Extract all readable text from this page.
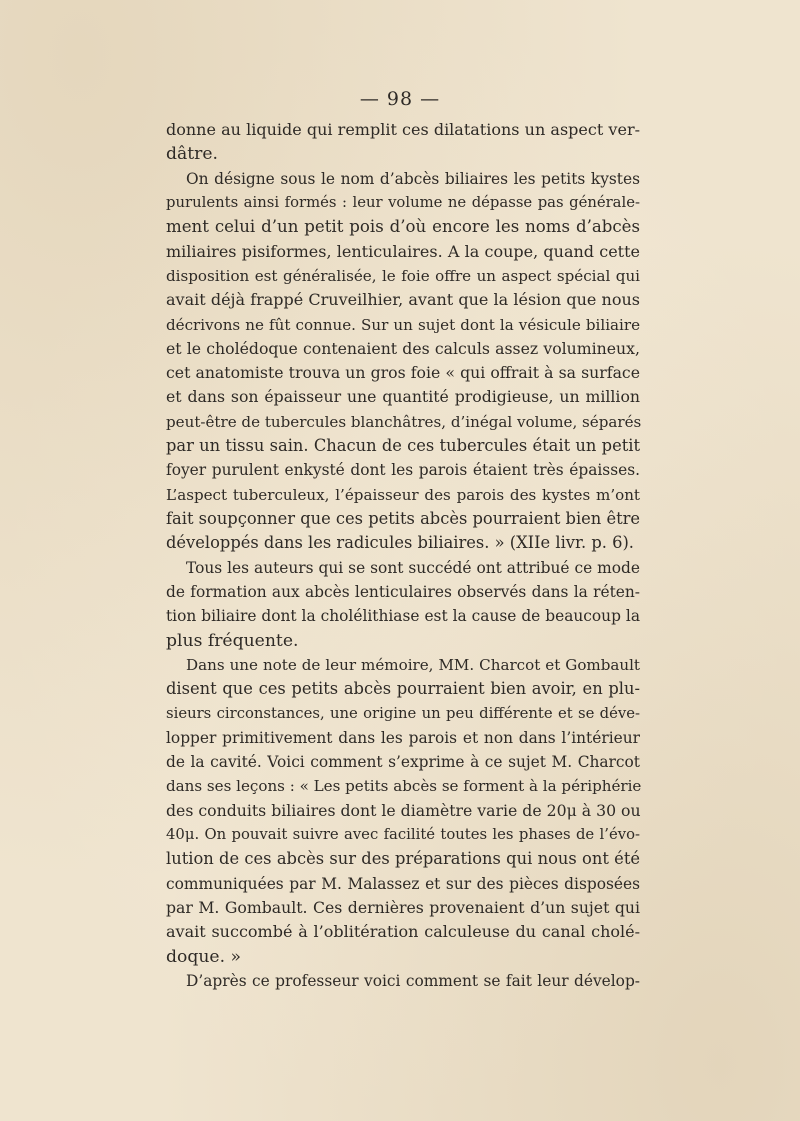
— 98 —
donne au liquide qui remplit ces dilatations un aspect ver-
dâtre.
On désigne sous le nom d’abcès biliaires les petits kystes
purulents ainsi formés : leur volume ne dépasse pas générale-
ment celui d’un petit pois d’où encore les noms d’abcès
miliaires pisiformes, lenticulaires. A la coupe, quand cette
disposition est généralisée, le foie offre un aspect spécial qui
avait déjà frappé Cruveilhier, avant que la lésion que nous
décrivons ne fût connue. Sur un sujet dont la vésicule biliaire
et le cholédoque contenaient des calculs assez volumineux,
cet anatomiste trouva un gros foie « qui offrait à sa surface
et dans son épaisseur une quantité prodigieuse, un million
peut-être de tubercules blanchâtres, d’inégal volume, séparés
par un tissu sain. Chacun de ces tubercules était un petit
foyer purulent enkysté dont les parois étaient très épaisses.
L’aspect tuberculeux, l’épaisseur des parois des kystes m’ont
fait soupçonner que ces petits abcès pourraient bien être
développés dans les radicules biliaires. » (XIIe livr. p. 6).
Tous les auteurs qui se sont succédé ont attribué ce mode
de formation aux abcès lenticulaires observés dans la réten-
tion biliaire dont la cholélithiase est la cause de beaucoup la
plus fréquente.
Dans une note de leur mémoire, MM. Charcot et Gombault
disent que ces petits abcès pourraient bien avoir, en plu-
sieurs circonstances, une origine un peu différente et se déve-
lopper primitivement dans les parois et non dans l’intérieur
de la cavité. Voici comment s’exprime à ce sujet M. Charcot
dans ses leçons : « Les petits abcès se forment à la périphérie
des conduits biliaires dont le diamètre varie de 20μ à 30 ou
40μ. On pouvait suivre avec facilité toutes les phases de l’évo-
lution de ces abcès sur des préparations qui nous ont été
communiquées par M. Malassez et sur des pièces disposées
par M. Gombault. Ces dernières provenaient d’un sujet qui
avait succombé à l’oblitération calculeuse du canal cholé-
doque. »
D’après ce professeur voici comment se fait leur dévelop-
